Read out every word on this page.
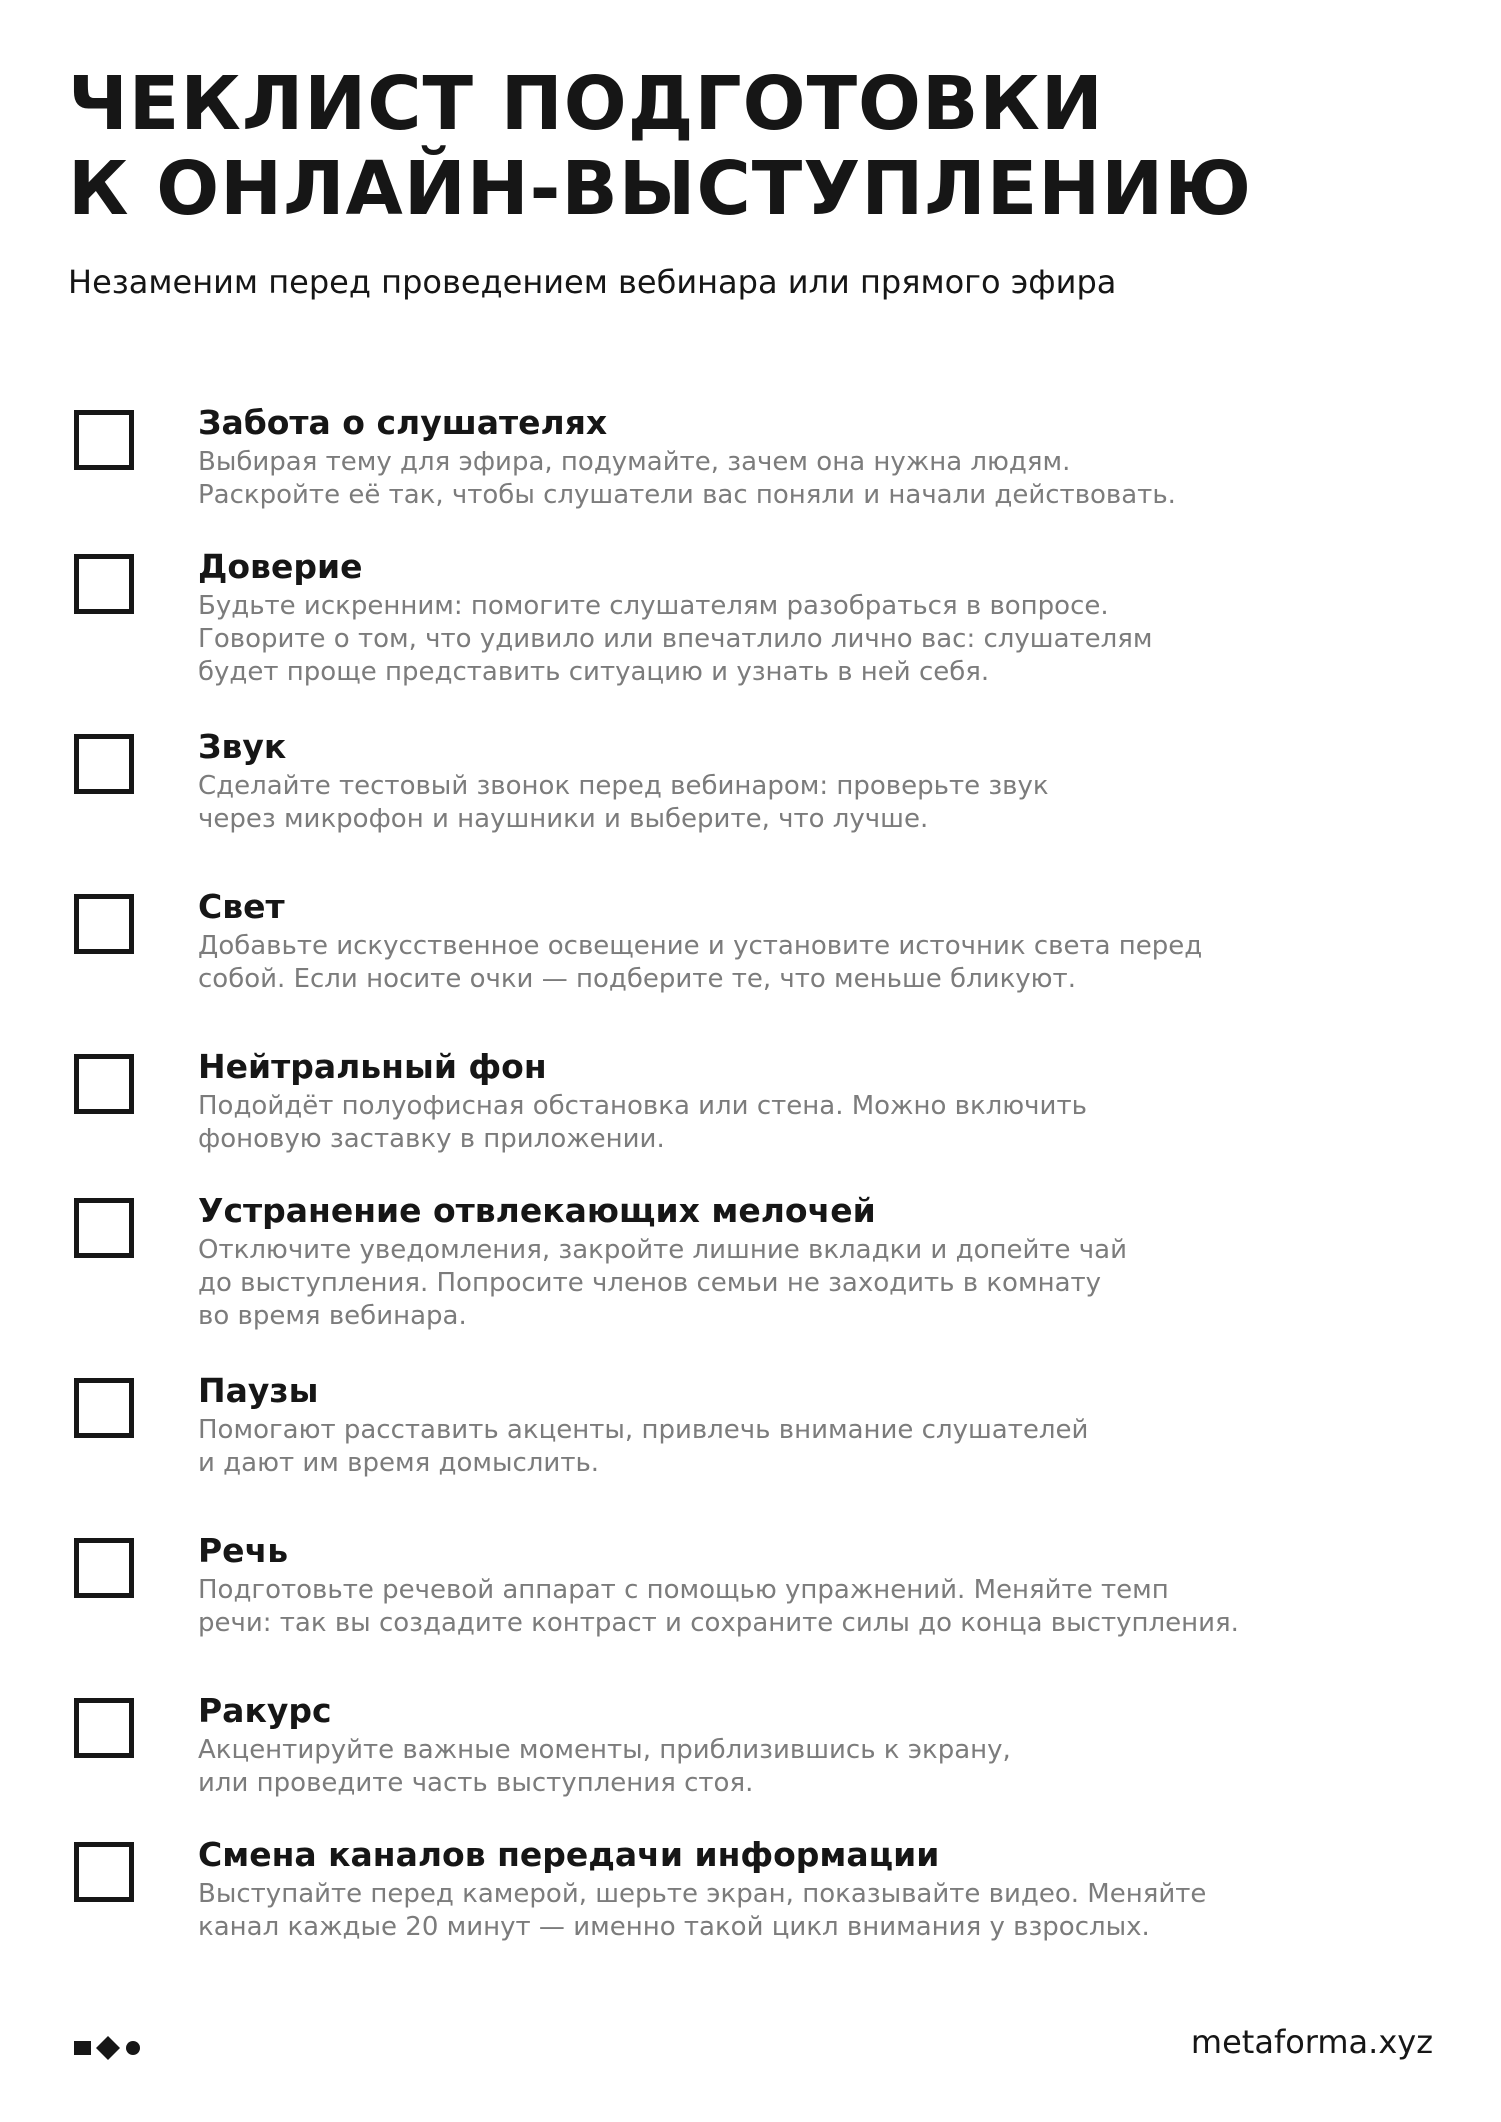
ЧЕКЛИСТ ПОДГОТОВКИ
К ОНЛАЙН-ВЫСТУПЛЕНИЮ

Незаменим перед проведением вебинара или прямого эфира

Забота о слушателях

Выбирая тему для эфира, подумайте, зачем она нужна людям.
Раскройте её так, чтобы слушатели вас поняли и начали действовать.

Доверие

Будьте искренним: помогите слушателям разобраться в вопросе.
Говорите о том, что удивило или впечатлило лично вас: слушателям
будет проще представить ситуацию и узнать в ней себя.

Звук

Сделайте тестовый звонок перед вебинаром: проверьте звук
через микрофон и наушники и выберите, что лучше.

Свет

Добавьте искусственное освещение и установите источник света перед
собой. Если носите очки — подберите те, что меньше бликуют.

Нейтральный фон

Подойдёт полуофисная обстановка или стена. Можно включить
фоновую заставку в приложении.

Устранение отвлекающих мелочей

Отключите уведомления, закройте лишние вкладки и допейте чай
до выступления. Попросите членов семьи не заходить в комнату
во время вебинара.

Паузы

Помогают расставить акценты, привлечь внимание слушателей
и дают им время домыслить.

Речь

Подготовьте речевой аппарат с помощью упражнений. Меняйте темп
речи: так вы создадите контраст и сохраните силы до конца выступления.

Ракурс

Акцентируйте важные моменты, приблизившись к экрану,
или проведите часть выступления стоя.

Смена каналов передачи информации

Выступайте перед камерой, шерьте экран, показывайте видео. Меняйте
канал каждые 20 минут — именно такой цикл внимания у взрослых.

metaforma.xyz
